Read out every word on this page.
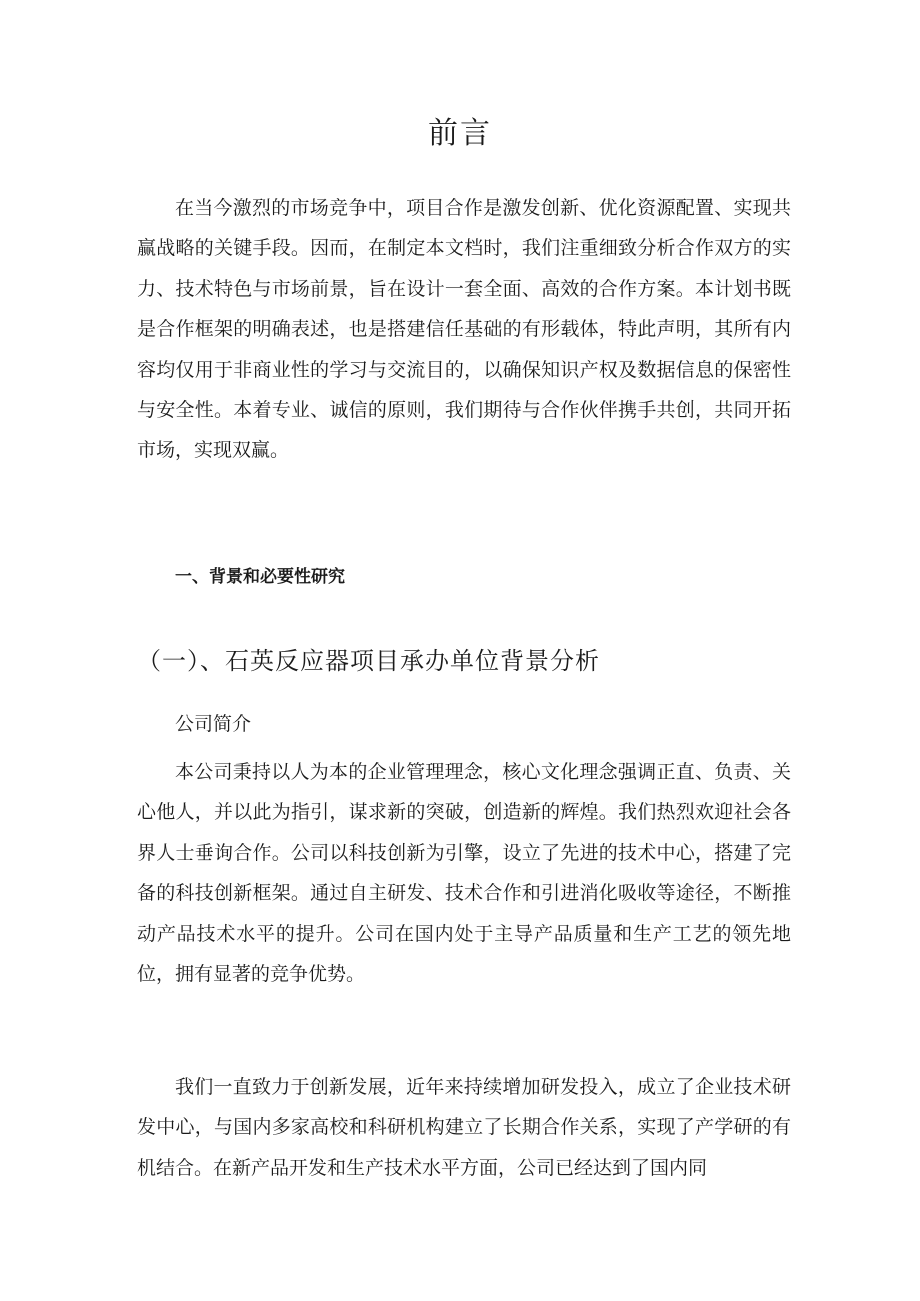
前言

在当今激烈的市场竞争中，项目合作是激发创新、优化资源配置、实现共赢战略的关键手段。因而，在制定本文档时，我们注重细致分析合作双方的实力、技术特色与市场前景，旨在设计一套全面、高效的合作方案。本计划书既是合作框架的明确表述，也是搭建信任基础的有形载体，特此声明，其所有内容均仅用于非商业性的学习与交流目的，以确保知识产权及数据信息的保密性与安全性。本着专业、诚信的原则，我们期待与合作伙伴携手共创，共同开拓市场，实现双赢。

一、背景和必要性研究
（一）、石英反应器项目承办单位背景分析
公司简介

本公司秉持以人为本的企业管理理念，核心文化理念强调正直、负责、关心他人，并以此为指引，谋求新的突破，创造新的辉煌。我们热烈欢迎社会各界人士垂询合作。公司以科技创新为引擎，设立了先进的技术中心，搭建了完备的科技创新框架。通过自主研发、技术合作和引进消化吸收等途径，不断推动产品技术水平的提升。公司在国内处于主导产品质量和生产工艺的领先地位，拥有显著的竞争优势。

我们一直致力于创新发展，近年来持续增加研发投入，成立了企业技术研发中心，与国内多家高校和科研机构建立了长期合作关系，实现了产学研的有机结合。在新产品开发和生产技术水平方面，公司已经达到了国内同
